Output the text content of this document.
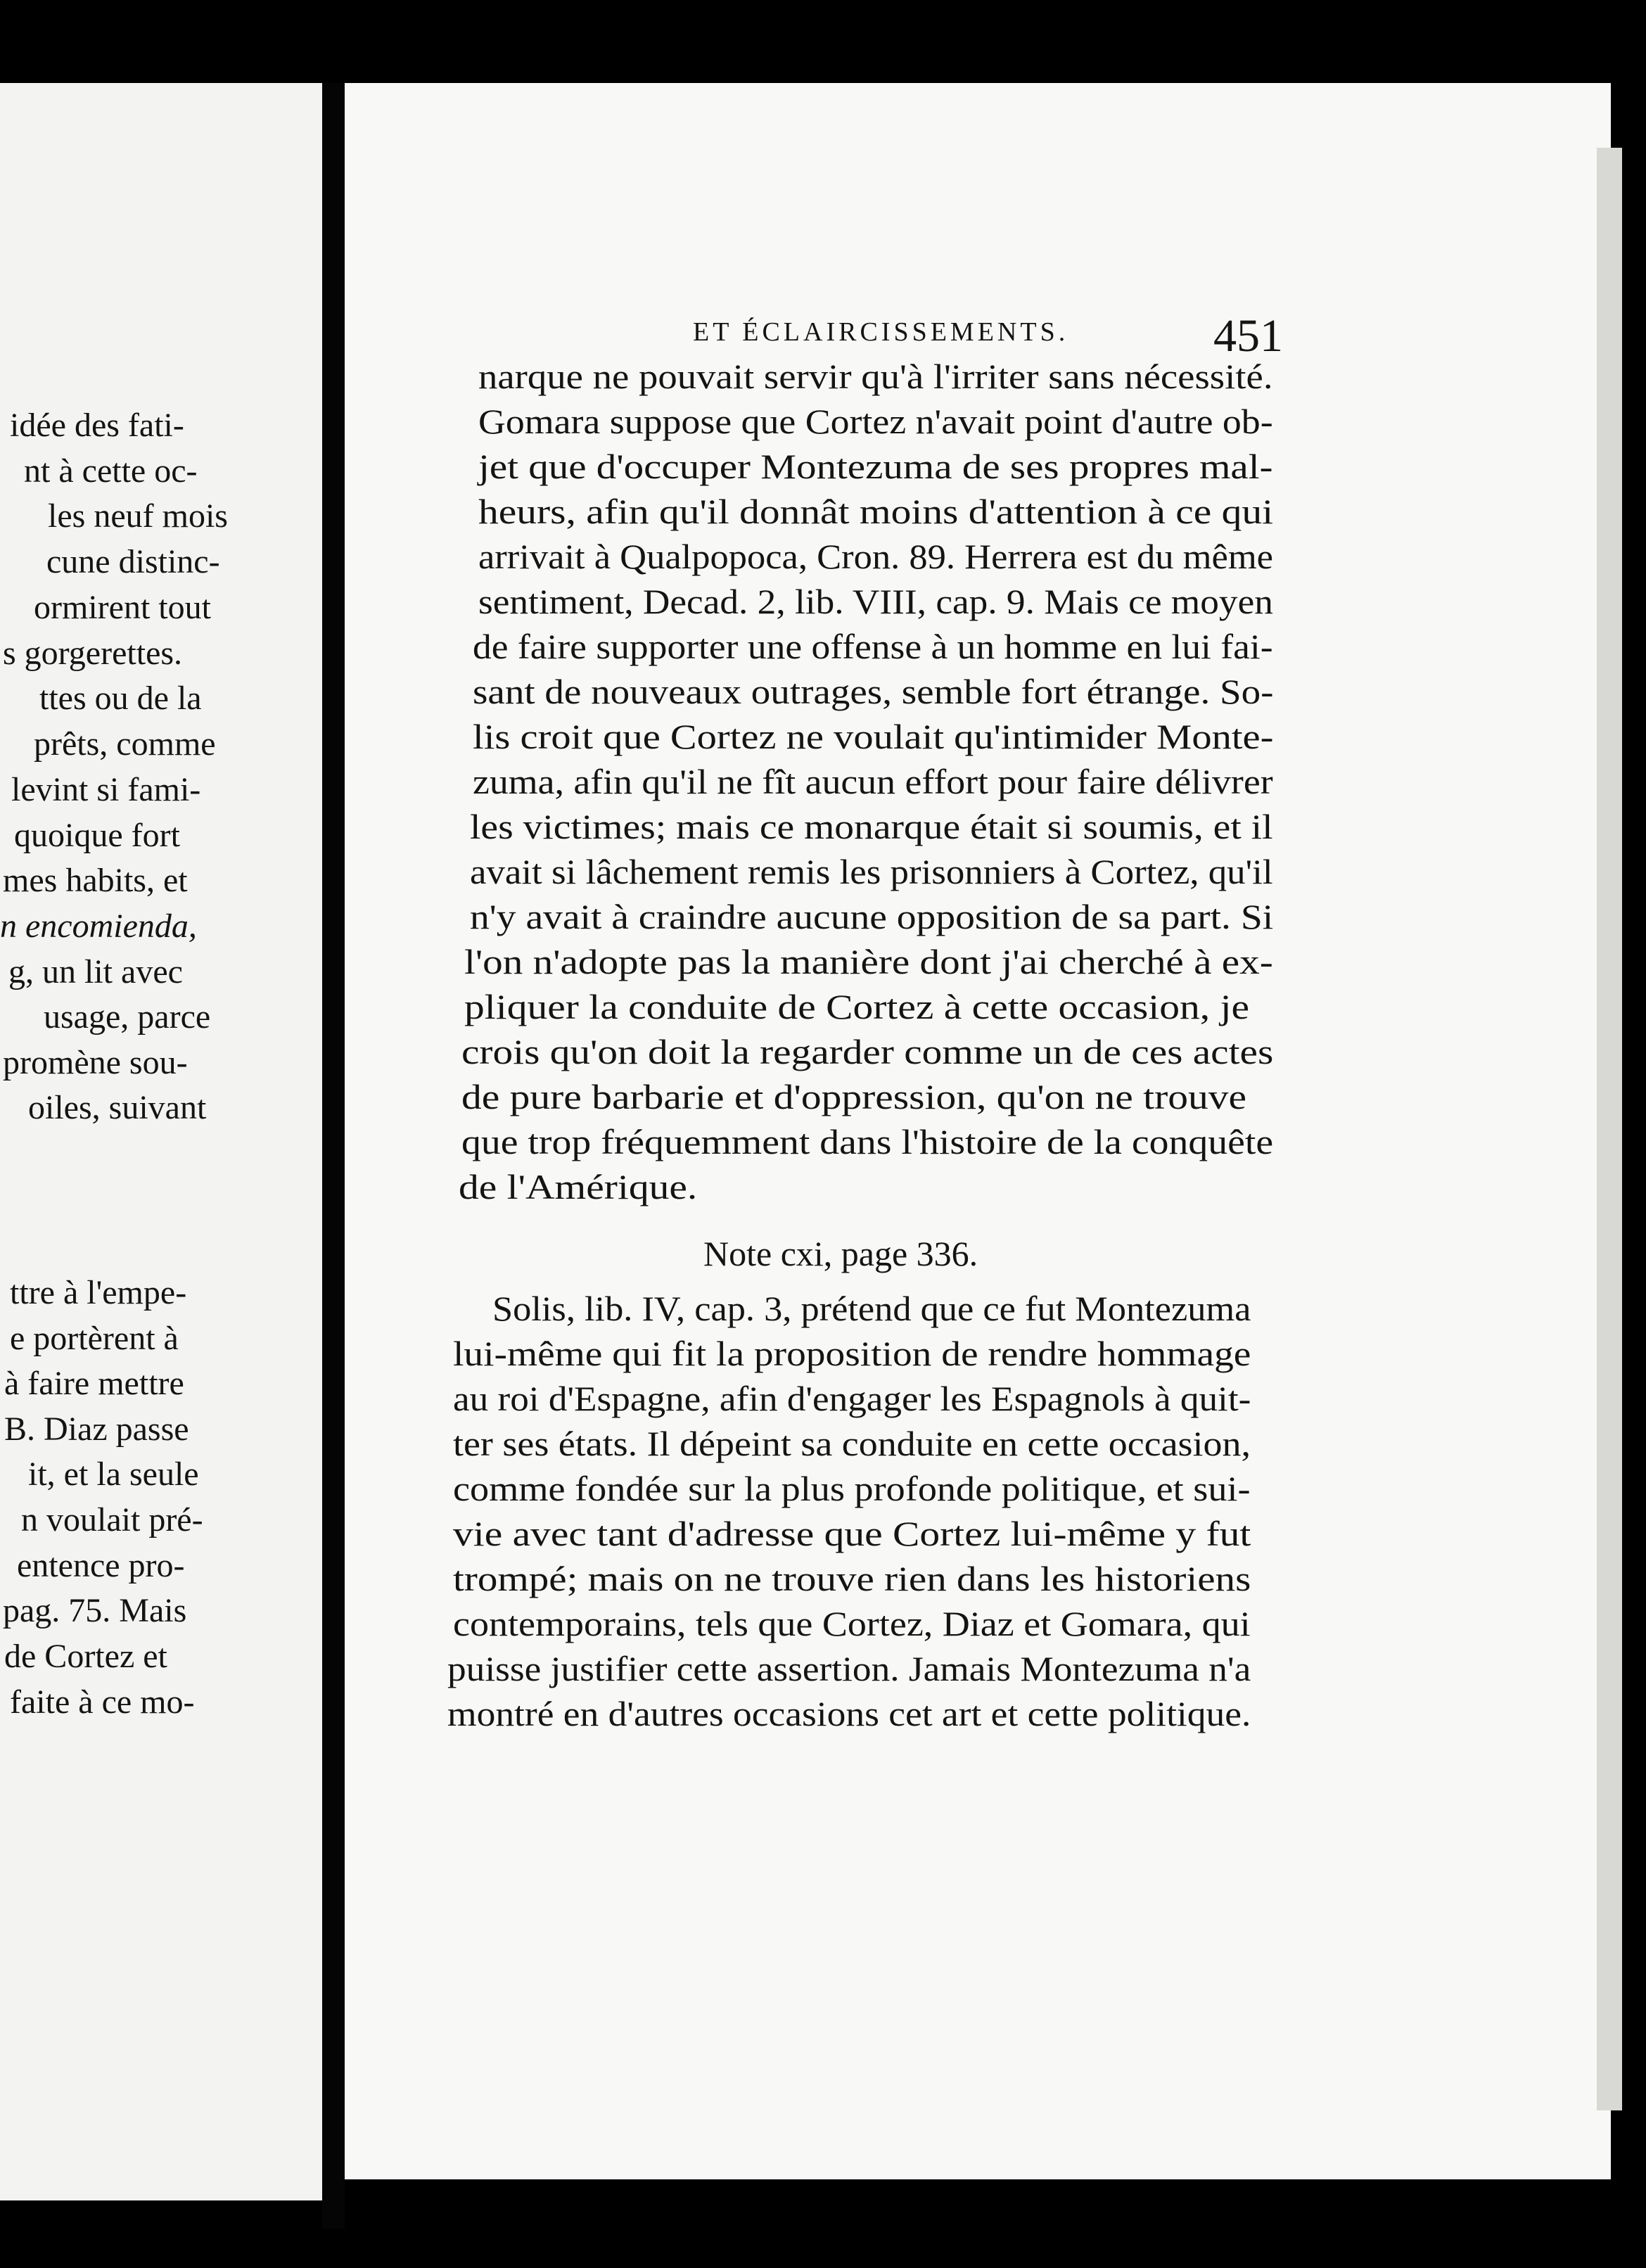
idée des fati-
nt à cette oc-
les neuf mois
cune distinc-
ormirent tout
s gorgerettes.
ttes ou de la
prêts, comme
levint si fami-
quoique fort
mes habits, et
n encomienda,
g, un lit avec
usage, parce
promène sou-
oiles, suivant
ttre à l'empe-
e portèrent à
à faire mettre
B. Diaz passe
it, et la seule
n voulait pré-
entence pro-
pag. 75. Mais
de Cortez et
faite à ce mo-
ET ÉCLAIRCISSEMENTS.	451
narque ne pouvait servir qu'à l'irriter sans nécessité.
Gomara suppose que Cortez n'avait point d'autre ob-
jet que d'occuper Montezuma de ses propres mal-
heurs, afin qu'il donnât moins d'attention à ce qui
arrivait à Qualpopoca, Cron. 89. Herrera est du même
sentiment, Decad. 2, lib. VIII, cap. 9. Mais ce moyen
de faire supporter une offense à un homme en lui fai-
sant de nouveaux outrages, semble fort étrange. So-
lis croit que Cortez ne voulait qu'intimider Monte-
zuma, afin qu'il ne fît aucun effort pour faire délivrer
les victimes; mais ce monarque était si soumis, et il
avait si lâchement remis les prisonniers à Cortez, qu'il
n'y avait à craindre aucune opposition de sa part. Si
l'on n'adopte pas la manière dont j'ai cherché à ex-
pliquer la conduite de Cortez à cette occasion, je
crois qu'on doit la regarder comme un de ces actes
de pure barbarie et d'oppression, qu'on ne trouve
que trop fréquemment dans l'histoire de la conquête
de l'Amérique.
Note cxi, page 336.
Solis, lib. IV, cap. 3, prétend que ce fut Montezuma
lui-même qui fit la proposition de rendre hommage
au roi d'Espagne, afin d'engager les Espagnols à quit-
ter ses états. Il dépeint sa conduite en cette occasion,
comme fondée sur la plus profonde politique, et sui-
vie avec tant d'adresse que Cortez lui-même y fut
trompé; mais on ne trouve rien dans les historiens
contemporains, tels que Cortez, Diaz et Gomara, qui
puisse justifier cette assertion. Jamais Montezuma n'a
montré en d'autres occasions cet art et cette politique.
